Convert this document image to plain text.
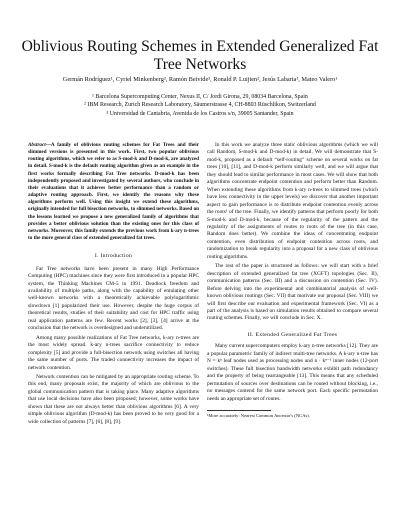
Oblivious Routing Schemes in Extended Generalized Fat Tree Networks
Germán Rodríguez¹, Cyriel Minkenberg², Ramón Beivide³, Ronald P. Luijten², Jesús Labarta¹, Mateo Valero¹
¹ Barcelona Supercomputing Center, Nexus II, C/ Jordi Girona, 29, 08034 Barcelona, Spain
² IBM Research, Zurich Research Laboratory, Säumerstrasse 4, CH-8803 Rüschlikon, Switzerland
³ Universidad de Cantabria, Avenida de los Castros s/n, 39005 Santander, Spain

Abstract—A family of oblivious routing schemes for Fat Trees and their slimmed versions is presented in this work. First, two popular oblivious routing algorithms, which we refer to as S-mod-k and D-mod-k, are analyzed in detail. S-mod-k is the default routing algorithm given as an example in the first works formally describing Fat Tree networks. D-mod-k has been independently proposed and investigated by several authors, who conclude in their evaluations that it achieves better performance than a random or adaptive routing approach. First, we identify the reasons why these algorithms perform well. Using this insight we extend these algorithms, originally intended for full bisection networks, to slimmed networks. Based on the lessons learned we propose a new generalized family of algorithms that provides a better oblivious solution than the existing ones for this class of networks. Moreover, this family extends the previous work from k-ary n-trees to the more general class of extended generalized fat trees.

I. Introduction

Fat Tree networks have been present in many High Performance Computing (HPC) machines since they were first introduced in a popular HPC system, the Thinking Machines CM-5 in 1991. Deadlock freedom and availability of multiple paths, along with the capability of emulating other well-known networks with a theoretically achievable polylogarithmic slowdown [1] popularized their use. However, despite the huge corpus of theoretical results, studies of their suitability and cost for HPC traffic using real application patterns are few. Recent works [2], [3], [4] arrive at the conclusion that the network is overdesigned and underutilized.

Among many possible realizations of Fat Tree networks, k-ary n-trees are the most widely spread. k-ary n-trees sacrifice connectivity to reduce complexity [5] and provide a full-bisection network using switches all having the same number of ports. The traded connectivity increases the impact of network contention.

Network contention can be mitigated by an appropriate routing scheme. To this end, many proposals exist, the majority of which are oblivious to the global communication pattern that is taking place. Many adaptive algorithms that use local decisions have also been proposed; however, some works have shown that these are not always better than oblivious algorithms [6]. A very simple oblivious algorithm (D-mod-k) has been proved to be very good for a wide collection of patterns [7], [6], [8], [9].

In this work we analyze three static oblivious algorithms (which we will call Random, S-mod-k and D-mod-k) in detail. We will demonstrate that S-mod-k, proposed as a default “self-routing” scheme on several works on fat trees [10], [11], and D-mod-k perform similarly well, and we will argue that they should lead to similar performance in most cases. We will show that both algorithms concentrate endpoint contention and perform better than Random. When extending these algorithms from k-ary n-trees to slimmed trees (which have less connectivity in the upper levels) we discover that another important aspect to gain performance is to distribute endpoint contention evenly across the roots¹ of the tree. Finally, we identify patterns that perform poorly for both S-mod-k and D-mod-k, because of the regularity of the pattern and the regularity of the assignments of routes to roots of the tree (in this case, Random does better). We combine the ideas of concentrating endpoint contention, even distribution of endpoint contention across roots, and randomization to break regularity into a proposal for a new class of oblivious routing algorithms.

The rest of the paper is structured as follows: we will start with a brief description of extended generalized fat tree (XGFT) topologies (Sec. II), communication patterns (Sec. III) and a discussion on contention (Sec. IV). Before delving into the experimental and combinatorial analysis of well-known oblivious routings (Sec. VII) that motivate our proposal (Sec. VIII) we will first describe our evaluation and experimental framework (Sec. VI) as a part of the analysis is based on simulation results obtained to compare several routing schemes. Finally, we will conclude in Sec. X.

II. Extended Generalized Fat Trees

Many current supercomputers employ k-ary n-tree networks [12]. They are a popular parametric family of indirect multi-tree networks. A k-ary n-tree has N = kⁿ leaf nodes used as processing nodes and n · kⁿ⁻¹ inner nodes (12-port switches). These full bisection bandwidth networks exhibit path redundancy and the property of being rearrangeable [13]. This means that any scheduled permutation of sources over destinations can be routed without blocking, i.e., no messages contend for the same network port. Each specific permutation needs an appropriate set of routes.

¹More accurately: Nearest Common Ancestor's (NCAs).
